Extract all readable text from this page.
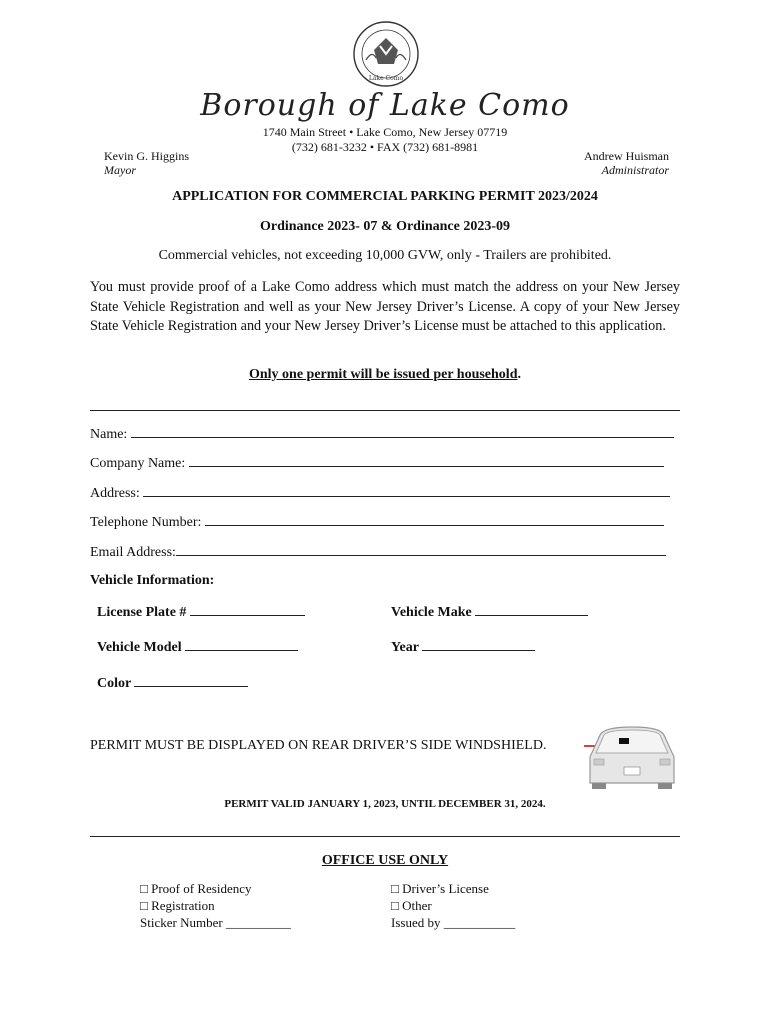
Lake Como
Borough of Lake Como
1740 Main Street • Lake Como, New Jersey 07719
(732) 681-3232 • FAX (732) 681-8981
Kevin G. Higgins
Mayor
Andrew Huisman
Administrator
APPLICATION FOR COMMERCIAL PARKING PERMIT 2023/2024
Ordinance 2023- 07 & Ordinance 2023-09
Commercial vehicles, not exceeding 10,000 GVW, only - Trailers are prohibited.
You must provide proof of a Lake Como address which must match the address on your New Jersey State Vehicle Registration and well as your New Jersey Driver’s License. A copy of your New Jersey State Vehicle Registration and your New Jersey Driver’s License must be attached to this application.
Only one permit will be issued per household.
Name:
Company Name:
Address:
Telephone Number:
Email Address:
Vehicle Information:
License Plate #	Vehicle Make
Vehicle Model	Year
Color
PERMIT MUST BE DISPLAYED ON REAR DRIVER’S SIDE WINDSHIELD.
PERMIT VALID JANUARY 1, 2023, UNTIL DECEMBER 31, 2024.
OFFICE USE ONLY
□ Proof of Residency
□ Registration
Sticker Number __________
□ Driver’s License
□ Other
Issued by ___________
